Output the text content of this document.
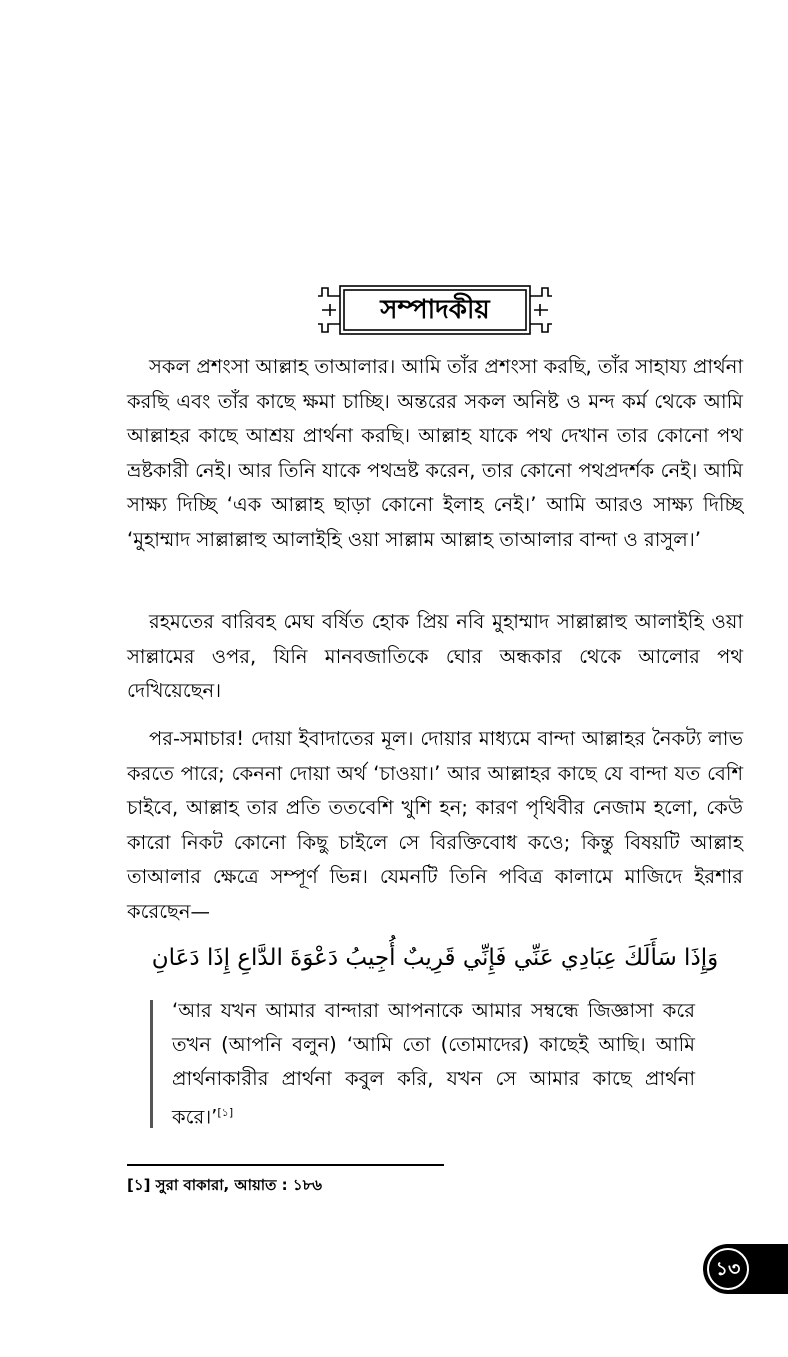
সম্পাদকীয়

সকল প্রশংসা আল্লাহ তাআলার। আমি তাঁর প্রশংসা করছি, তাঁর সাহায্য প্রার্থনা করছি এবং তাঁর কাছে ক্ষমা চাচ্ছি। অন্তরের সকল অনিষ্ট ও মন্দ কর্ম থেকে আমি আল্লাহর কাছে আশ্রয় প্রার্থনা করছি। আল্লাহ যাকে পথ দেখান তার কোনো পথ ভ্রষ্টকারী নেই। আর তিনি যাকে পথভ্রষ্ট করেন, তার কোনো পথপ্রদর্শক নেই। আমি সাক্ষ্য দিচ্ছি ‘এক আল্লাহ ছাড়া কোনো ইলাহ নেই।’ আমি আরও সাক্ষ্য দিচ্ছি ‘মুহাম্মাদ সাল্লাল্লাহু আলাইহি ওয়া সাল্লাম আল্লাহ তাআলার বান্দা ও রাসুল।’

রহমতের বারিবহ মেঘ বর্ষিত হোক প্রিয় নবি মুহাম্মাদ সাল্লাল্লাহু আলাইহি ওয়া সাল্লামের ওপর, যিনি মানবজাতিকে ঘোর অন্ধকার থেকে আলোর পথ দেখিয়েছেন।

পর-সমাচার! দোয়া ইবাদাতের মূল। দোয়ার মাধ্যমে বান্দা আল্লাহর নৈকট্য লাভ করতে পারে; কেননা দোয়া অর্থ ‘চাওয়া।’ আর আল্লাহর কাছে যে বান্দা যত বেশি চাইবে, আল্লাহ তার প্রতি ততবেশি খুশি হন; কারণ পৃথিবীর নেজাম হলো, কেউ কারো নিকট কোনো কিছু চাইলে সে বিরক্তিবোধ কওে; কিন্তু বিষয়টি আল্লাহ তাআলার ক্ষেত্রে সম্পূর্ণ ভিন্ন। যেমনটি তিনি পবিত্র কালামে মাজিদে ইরশার করেছেন—

وَإِذَا سَأَلَكَ عِبَادِي عَنِّي فَإِنِّي قَرِيبٌ أُجِيبُ دَعْوَةَ الدَّاعِ إِذَا دَعَانِ

‘আর যখন আমার বান্দারা আপনাকে আমার সম্বন্ধে জিজ্ঞাসা করে তখন (আপনি বলুন) ‘আমি তো (তোমাদের) কাছেই আছি। আমি প্রার্থনাকারীর প্রার্থনা কবুল করি, যখন সে আমার কাছে প্রার্থনা করে।’[১]

[১] সুরা বাকারা, আয়াত : ১৮৬
১৩
